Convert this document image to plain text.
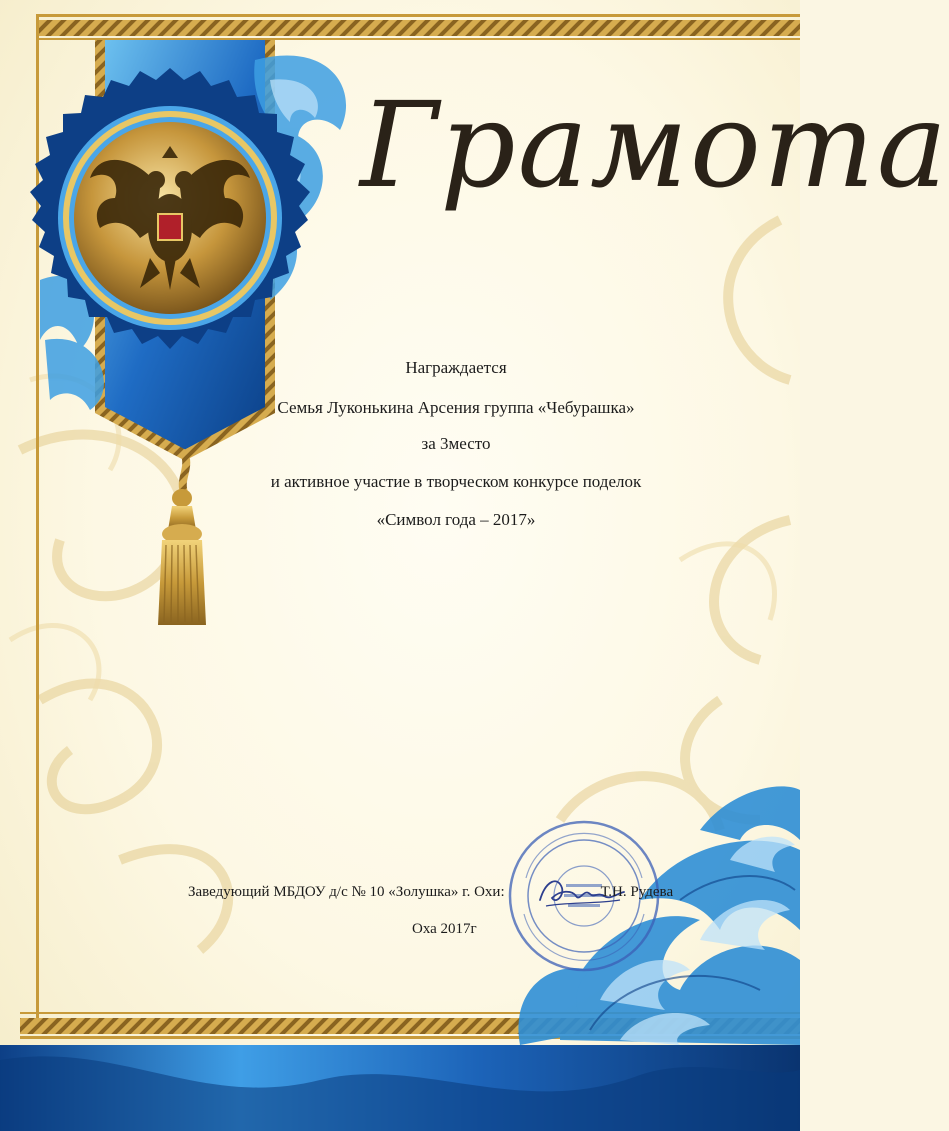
Грамота
Награждается
Семья Луконькина Арсения группа «Чебурашка»
за 3место
и активное участие в творческом конкурсе поделок
«Символ года – 2017»
Заведующий МБДОУ д/с № 10 «Золушка» г. Охи:	Т.Н. Рудева
Оха 2017г
